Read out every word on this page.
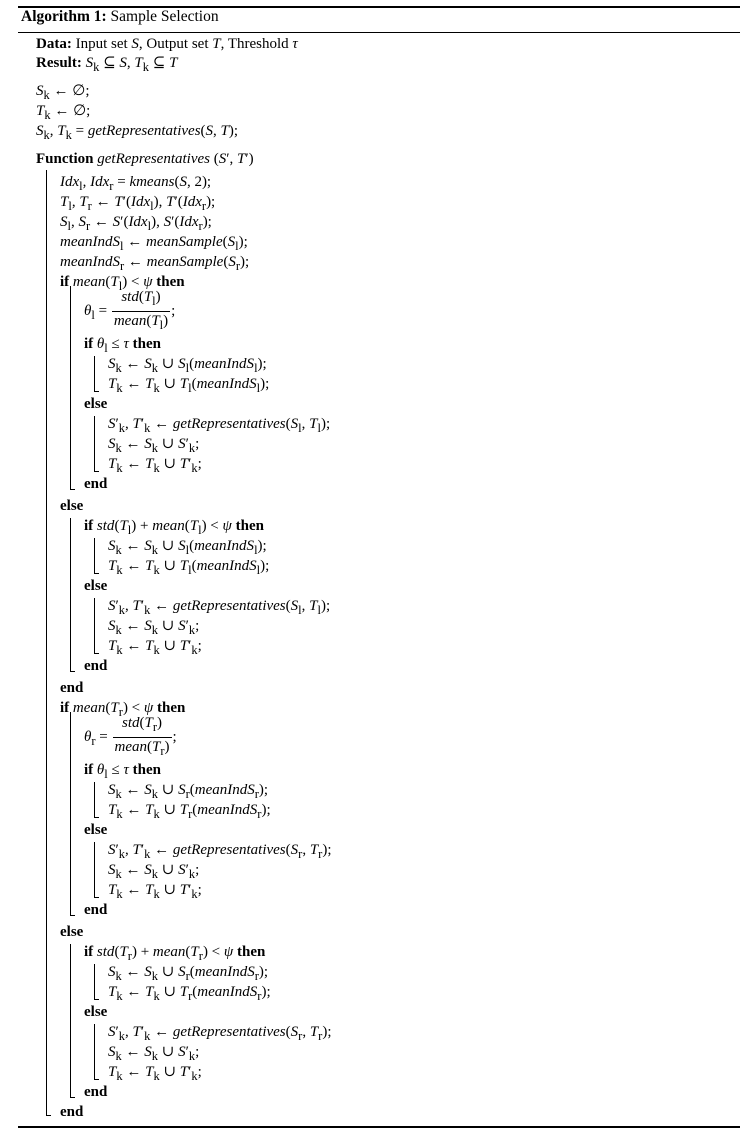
Algorithm 1: Sample Selection
Data: Input set S, Output set T, Threshold τ
Result: $S_k$ ⊆ S, $T_k$ ⊆ T
$S_k$ ← ∅;
$T_k$ ← ∅;
$S_k$, $T_k$ = getRepresentatives(S, T);
Function getRepresentatives (S′, T′)
Idx$_l$, Idx$_r$ = kmeans(S, 2);
$T_l$, $T_r$ ← T′(Idx$_l$), T′(Idx$_r$);
$S_l$, $S_r$ ← S′(Idx$_l$), S′(Idx$_r$);
meanIndS$_l$ ← $meanSample(S_l)$;
meanIndS$_r$ ← $meanSample(S_r)$;
if $mean(T_l) < \psi$ then
$\theta_l = \frac{std(T_l)}{mean(T_l)}$ ;
if $\theta_l \le \tau$ then
$S_k$ ← $S_k$ ∪ $S_l(meanIndS_l)$;
$T_k$ ← $T_k$ ∪ $T_l(meanIndS_l)$;
else
$S'_k$, $T'_k$ ← $getRepresentatives(S_l$, $T_l$);
$S_k$ ← $S_k$ ∪ $S'_k$;
$T_k$ ← $T_k$ ∪ $T'_k$;
end
else
if $std(T_l)$ + $mean(T_l) < \psi$ then
$S_k$ ← $S_k$ ∪ $S_l(meanIndS_l)$;
$T_k$ ← $T_k$ ∪ $T_l(meanIndS_l)$;
else
$S'_k$, $T'_k$ ← $getRepresentatives(S_l$, $T_l$);
$S_k$ ← $S_k$ ∪ $S'_k$;
$T_k$ ← $T_k$ ∪ $T'_k$;
end
end
if $mean(T_r) < \psi$ then
$\theta_r = \frac{std(T_r)}{mean(T_r)}$ ;
if $\theta_l \le \tau$ then
$S_k$ ← $S_k$ ∪ $S_r(meanIndS_r)$;
$T_k$ ← $T_k$ ∪ $T_r(meanIndS_r)$;
else
$S'_k$, $T'_k$ ← $getRepresentatives(S_r$, $T_r$);
$S_k$ ← $S_k$ ∪ $S'_k$;
$T_k$ ← $T_k$ ∪ $T'_k$;
end
else
if $std(T_r)$ + $mean(T_r) < \psi$ then
$S_k$ ← $S_k$ ∪ $S_r(meanIndS_r)$;
$T_k$ ← $T_k$ ∪ $T_r(meanIndS_r)$;
else
$S'_k$, $T'_k$ ← $getRepresentatives(S_r$, $T_r$);
$S_k$ ← $S_k$ ∪ $S'_k$;
$T_k$ ← $T_k$ ∪ $T'_k$;
end
end
